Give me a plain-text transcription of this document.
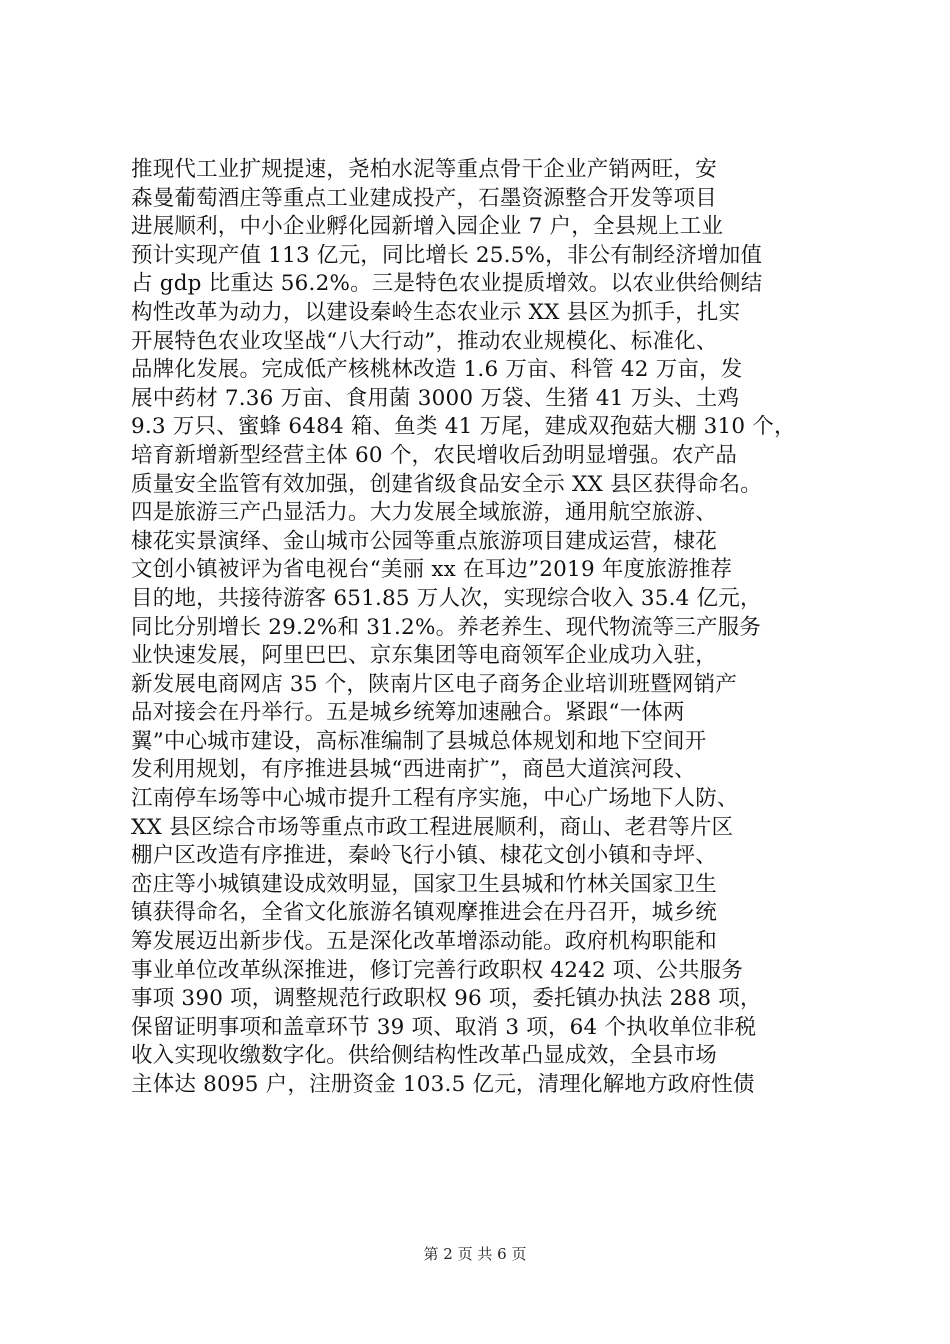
推现代工业扩规提速，尧柏水泥等重点骨干企业产销两旺，安
森曼葡萄酒庄等重点工业建成投产，石墨资源整合开发等项目
进展顺利，中小企业孵化园新增入园企业 7 户，全县规上工业
预计实现产值 113 亿元，同比增长 25.5%，非公有制经济增加值
占 gdp 比重达 56.2%。三是特色农业提质增效。以农业供给侧结
构性改革为动力，以建设秦岭生态农业示 XX 县区为抓手，扎实
开展特色农业攻坚战“八大行动”，推动农业规模化、标准化、
品牌化发展。完成低产核桃林改造 1.6 万亩、科管 42 万亩，发
展中药材 7.36 万亩、食用菌 3000 万袋、生猪 41 万头、土鸡
9.3 万只、蜜蜂 6484 箱、鱼类 41 万尾，建成双孢菇大棚 310 个，
培育新增新型经营主体 60 个，农民增收后劲明显增强。农产品
质量安全监管有效加强，创建省级食品安全示 XX 县区获得命名。
四是旅游三产凸显活力。大力发展全域旅游，通用航空旅游、
棣花实景演绎、金山城市公园等重点旅游项目建成运营，棣花
文创小镇被评为省电视台“美丽 xx 在耳边”2019 年度旅游推荐
目的地，共接待游客 651.85 万人次，实现综合收入 35.4 亿元，
同比分别增长 29.2%和 31.2%。养老养生、现代物流等三产服务
业快速发展，阿里巴巴、京东集团等电商领军企业成功入驻，
新发展电商网店 35 个，陕南片区电子商务企业培训班暨网销产
品对接会在丹举行。五是城乡统筹加速融合。紧跟“一体两
翼”中心城市建设，高标准编制了县城总体规划和地下空间开
发利用规划，有序推进县城“西进南扩”，商邑大道滨河段、
江南停车场等中心城市提升工程有序实施，中心广场地下人防、
XX 县区综合市场等重点市政工程进展顺利，商山、老君等片区
棚户区改造有序推进，秦岭飞行小镇、棣花文创小镇和寺坪、
峦庄等小城镇建设成效明显，国家卫生县城和竹林关国家卫生
镇获得命名，全省文化旅游名镇观摩推进会在丹召开，城乡统
筹发展迈出新步伐。五是深化改革增添动能。政府机构职能和
事业单位改革纵深推进，修订完善行政职权 4242 项、公共服务
事项 390 项，调整规范行政职权 96 项，委托镇办执法 288 项，
保留证明事项和盖章环节 39 项、取消 3 项，64 个执收单位非税
收入实现收缴数字化。供给侧结构性改革凸显成效，全县市场
主体达 8095 户，注册资金 103.5 亿元，清理化解地方政府性债
第 2 页 共 6 页
